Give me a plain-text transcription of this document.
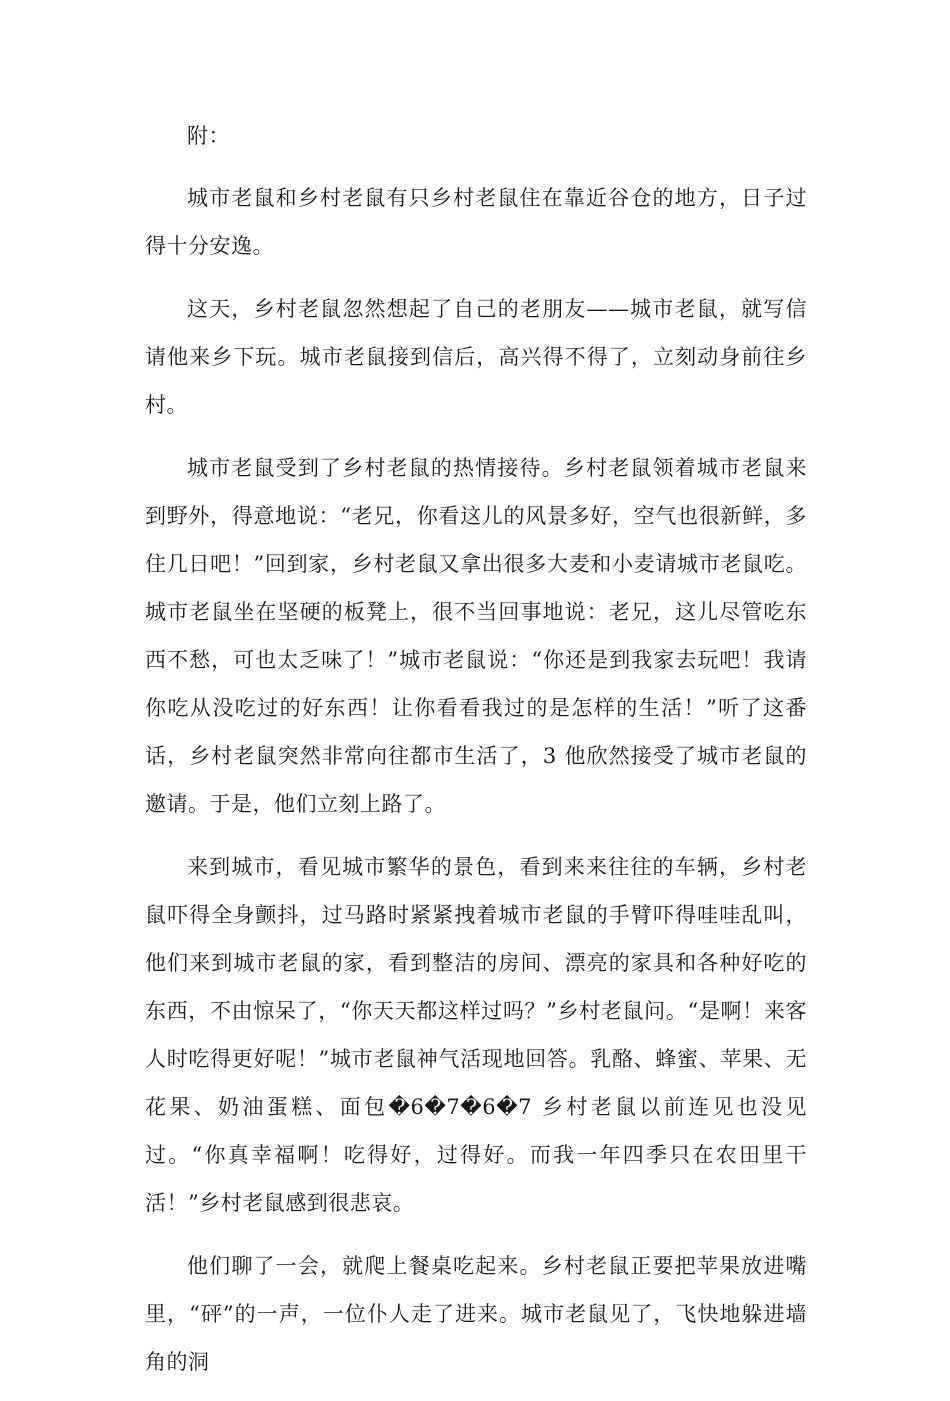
附：

城市老鼠和乡村老鼠有只乡村老鼠住在靠近谷仓的地方，日子过得十分安逸。

这天，乡村老鼠忽然想起了自己的老朋友——城市老鼠，就写信请他来乡下玩。城市老鼠接到信后，高兴得不得了，立刻动身前往乡村。

城市老鼠受到了乡村老鼠的热情接待。乡村老鼠领着城市老鼠来到野外，得意地说：“老兄，你看这儿的风景多好，空气也很新鲜，多住几日吧！”回到家，乡村老鼠又拿出很多大麦和小麦请城市老鼠吃。城市老鼠坐在坚硬的板凳上，很不当回事地说：老兄，这儿尽管吃东西不愁，可也太乏味了！”城市老鼠说：“你还是到我家去玩吧！我请你吃从没吃过的好东西！让你看看我过的是怎样的生活！”听了这番话，乡村老鼠突然非常向往都市生活了，3 他欣然接受了城市老鼠的邀请。于是，他们立刻上路了。

来到城市，看见城市繁华的景色，看到来来往往的车辆，乡村老鼠吓得全身颤抖，过马路时紧紧拽着城市老鼠的手臂吓得哇哇乱叫，他们来到城市老鼠的家，看到整洁的房间、漂亮的家具和各种好吃的东西，不由惊呆了，“你天天都这样过吗？”乡村老鼠问。“是啊！来客人时吃得更好呢！”城市老鼠神气活现地回答。乳酪、蜂蜜、苹果、无花果、奶油蛋糕、面包�6�7�6�7 乡村老鼠以前连见也没见过。“你真幸福啊！吃得好，过得好。而我一年四季只在农田里干活！”乡村老鼠感到很悲哀。

他们聊了一会，就爬上餐桌吃起来。乡村老鼠正要把苹果放进嘴里，“砰”的一声，一位仆人走了进来。城市老鼠见了，飞快地躲进墙角的洞
